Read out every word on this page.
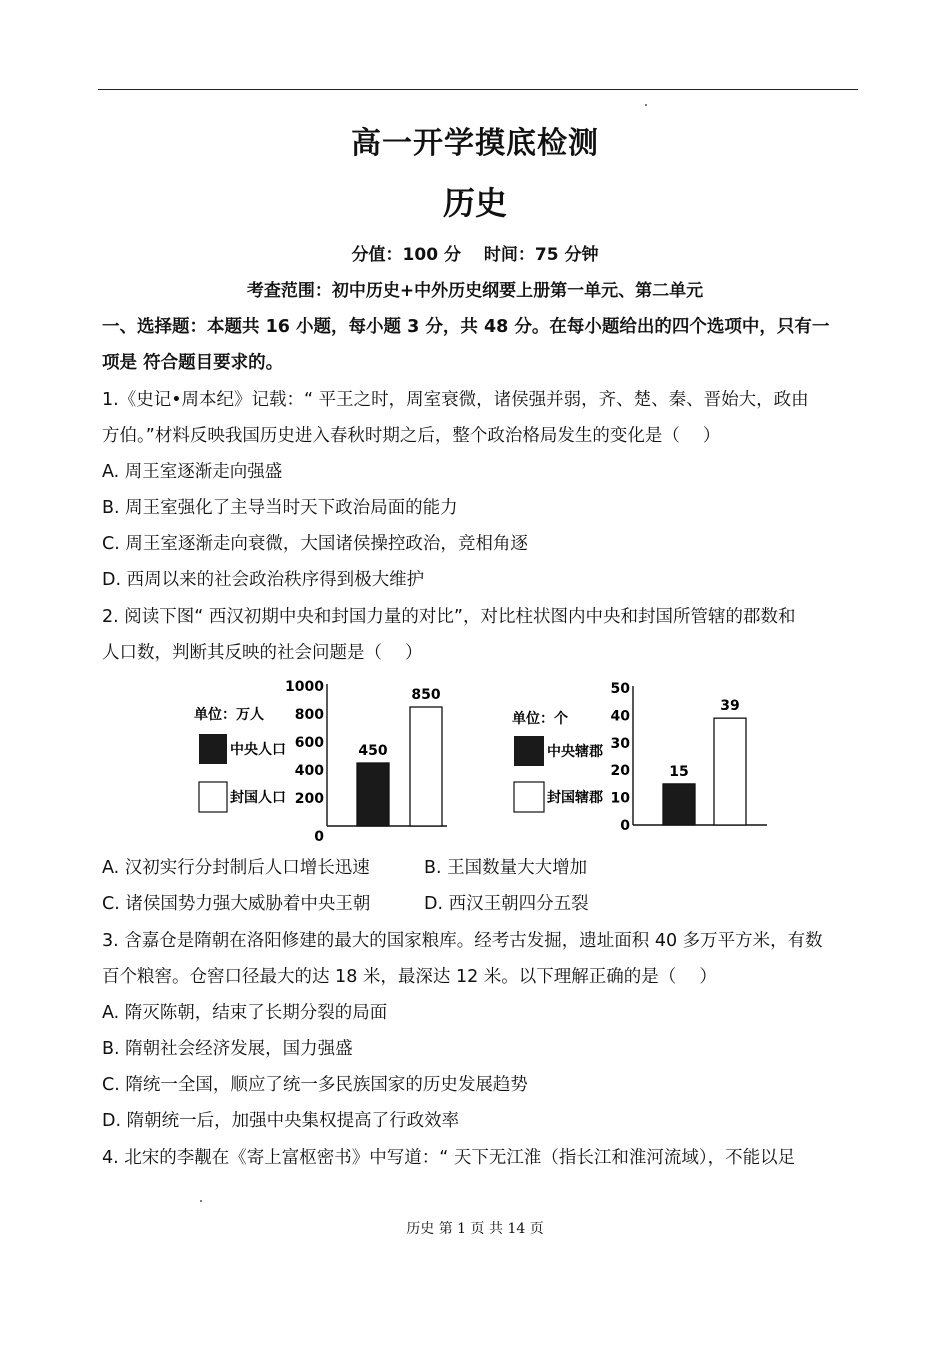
高一开学摸底检测
历史
分值：100 分　 时间：75 分钟
考查范围：初中历史+中外历史纲要上册第一单元、第二单元
一、选择题：本题共 16 小题，每小题 3 分，共 48 分。在每小题给出的四个选项中，只有一
项是 符合题目要求的。
1.《史记•周本纪》记载：“ 平王之时，周室衰微，诸侯强并弱，齐、楚、秦、晋始大，政由
方伯。”材料反映我国历史进入春秋时期之后，整个政治格局发生的变化是（　 ）
A. 周王室逐渐走向强盛
B. 周王室强化了主导当时天下政治局面的能力
C. 周王室逐渐走向衰微，大国诸侯操控政治，竞相角逐
D. 西周以来的社会政治秩序得到极大维护
2. 阅读下图“ 西汉初期中央和封国力量的对比”，对比柱状图内中央和封国所管辖的郡数和
人口数，判断其反映的社会问题是（　 ）
单位：万人
中央人口
封国人口
0
200
400
600
800
1000
450
850
单位：个
中央辖郡
封国辖郡
0
10
20
30
40
50
15
39
A. 汉初实行分封制后人口增长迅速	B. 王国数量大大增加
C. 诸侯国势力强大威胁着中央王朝	D. 西汉王朝四分五裂
3. 含嘉仓是隋朝在洛阳修建的最大的国家粮库。经考古发掘，遗址面积 40 多万平方米，有数
百个粮窖。仓窖口径最大的达 18 米，最深达 12 米。以下理解正确的是（　 ）
A. 隋灭陈朝，结束了长期分裂的局面
B. 隋朝社会经济发展，国力强盛
C. 隋统一全国，顺应了统一多民族国家的历史发展趋势
D. 隋朝统一后，加强中央集权提高了行政效率
4. 北宋的李觏在《寄上富枢密书》中写道：“ 天下无江淮（指长江和淮河流域），不能以足
历史 第 1 页 共 14 页
